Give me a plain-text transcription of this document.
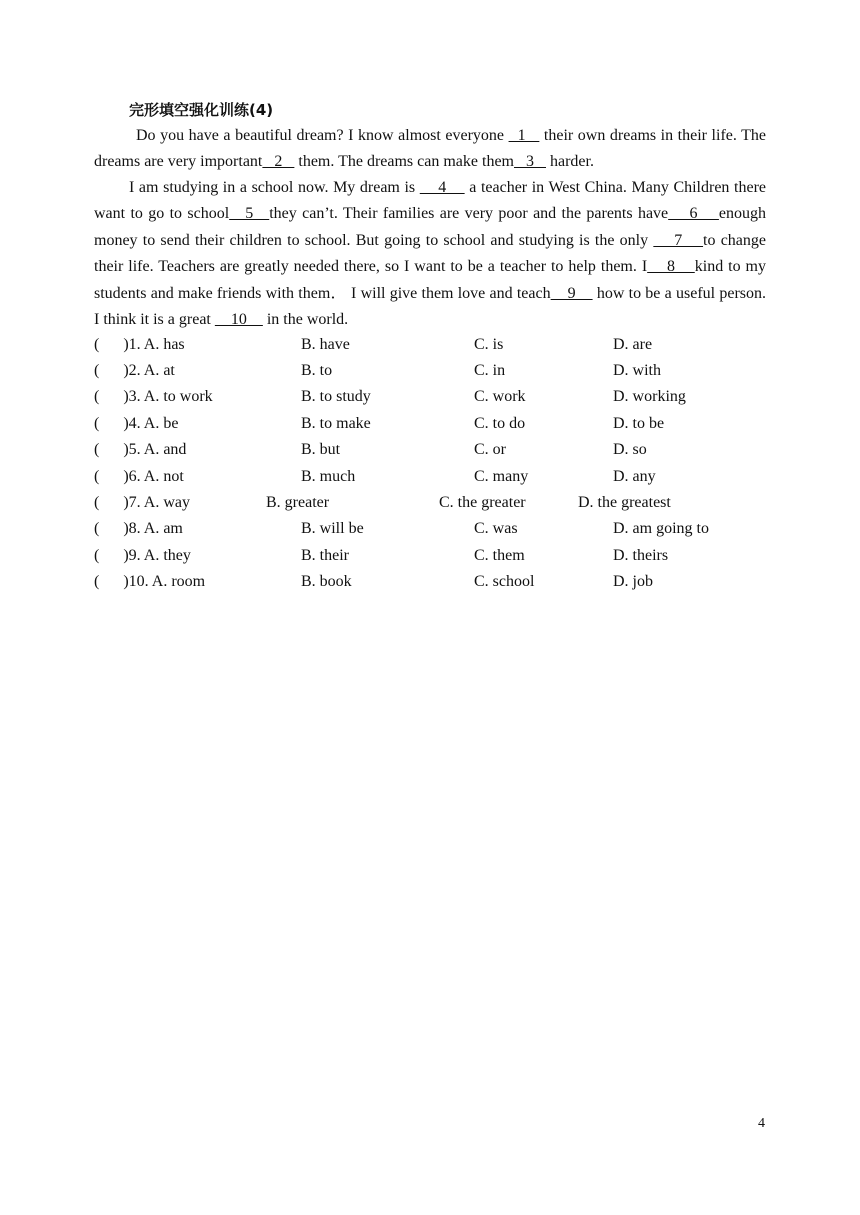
完形填空强化训练(4)

Do you have a beautiful dream? I know almost everyone   1    their own dreams in their life. The dreams are very important   2    them. The dreams can make them   3    harder.

I am studying in a school now. My dream is     4     a teacher in West China. Many Children there want to go to school   5   they can’t. Their families are very poor and the parents have    6    enough money to send their children to school. But going to school and studying is the only     7    to change their life. Teachers are greatly needed there, so I want to be a teacher to help them. I    8    kind to my students and make friends with them． I will give them love and teach    9     how to be a useful person. I think it is a great     10     in the world.

(      )1. A. has	B. have	C. is	D. are
(      )2. A. at	B. to	C. in	D. with
(      )3. A. to work	B. to study	C. work	D. working
(      )4. A. be	B. to make	C. to do	D. to be
(      )5. A. and	B. but	C. or	D. so
(      )6. A. not	B. much	C. many	D. any
(      )7. A. way	B. greater	C. the greater	D. the greatest
(      )8. A. am	B. will be	C. was	D. am going to
(      )9. A. they	B. their	C. them	D. theirs
(      )10. A. room	B. book	C. school	D. job
4
